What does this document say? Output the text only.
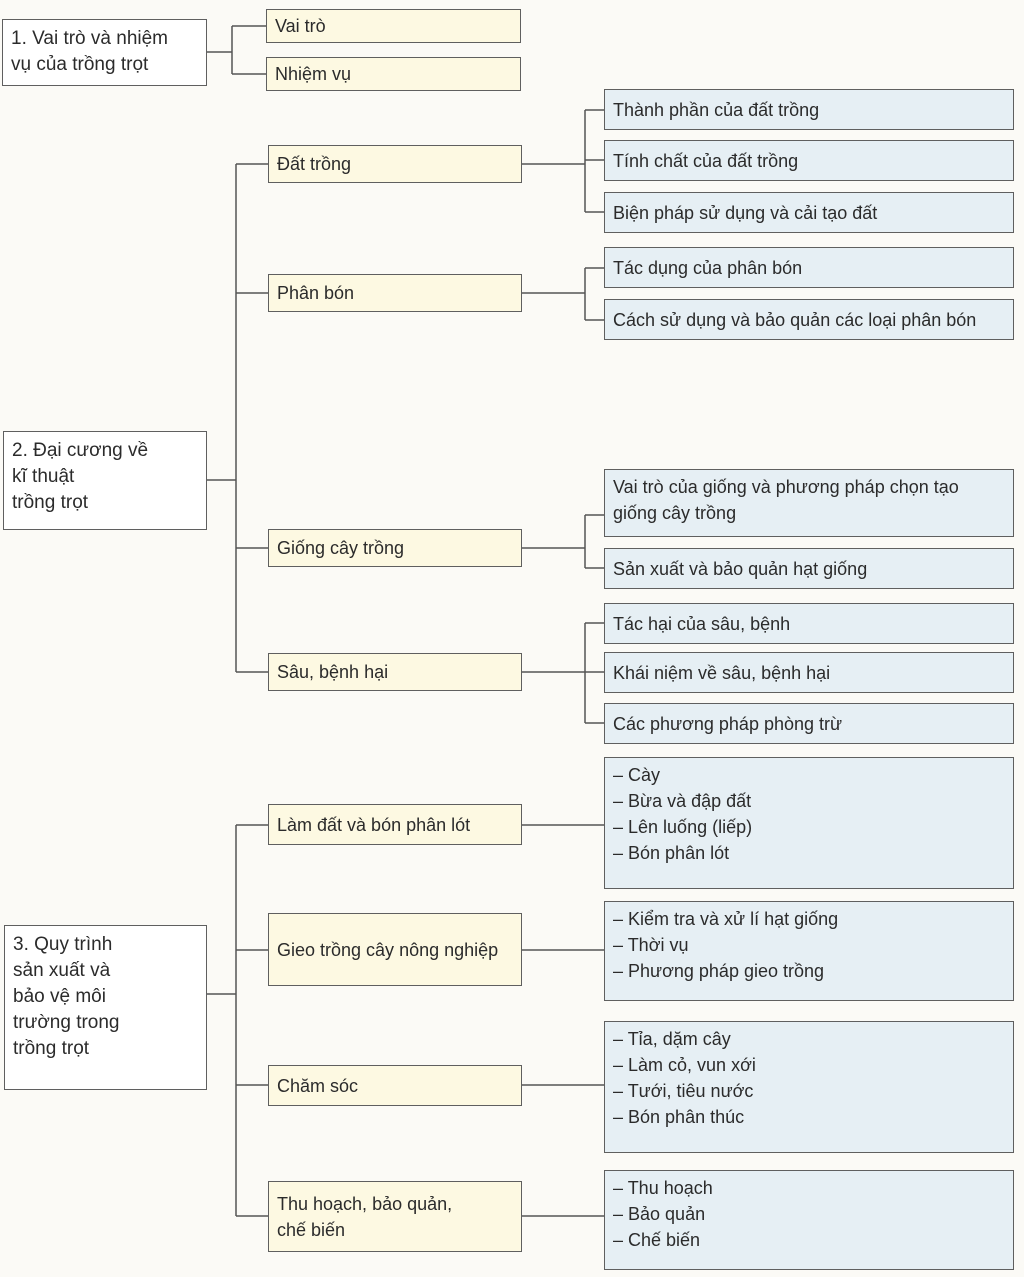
1. Vai trò và nhiệm
vụ của trồng trọt
Vai trò
Nhiệm vụ
2. Đại cương về
kĩ thuật
trồng trọt
Đất trồng
Thành phần của đất trồng
Tính chất của đất trồng
Biện pháp sử dụng và cải tạo đất
Phân bón
Tác dụng của phân bón
Cách sử dụng và bảo quản các loại phân bón
Giống cây trồng
Vai trò của giống và phương pháp chọn tạo giống cây trồng
Sản xuất và bảo quản hạt giống
Sâu, bệnh hại
Tác hại của sâu, bệnh
Khái niệm về sâu, bệnh hại
Các phương pháp phòng trừ
3. Quy trình
sản xuất và
bảo vệ môi
trường trong
trồng trọt
Làm đất và bón phân lót
– Cày
– Bừa và đập đất
– Lên luống (liếp)
– Bón phân lót
Gieo trồng cây nông nghiệp
– Kiểm tra và xử lí hạt giống
– Thời vụ
– Phương pháp gieo trồng
Chăm sóc
– Tỉa, dặm cây
– Làm cỏ, vun xới
– Tưới, tiêu nước
– Bón phân thúc
Thu hoạch, bảo quản,
chế biến
– Thu hoạch
– Bảo quản
– Chế biến
